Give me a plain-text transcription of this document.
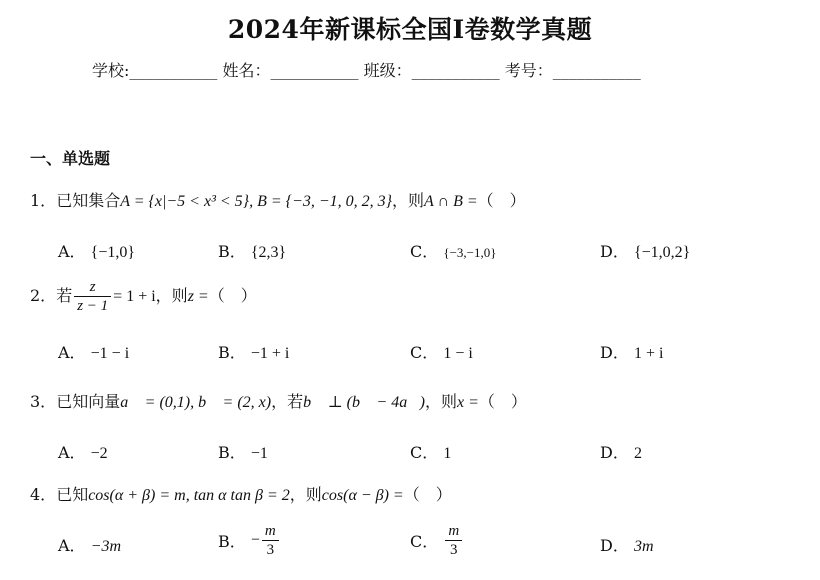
2024年新课标全国Ⅰ卷数学真题
学校:___________ 姓名：___________ 班级：___________ 考号：___________
一、单选题
1．已知集合A = {x|−5 < x³ < 5}, B = {−3, −1, 0, 2, 3}，则A ∩ B =（　）
A． {−1,0}	B． {2,3}	C． {−3,−1,0}	D． {−1,0,2}
2．若 $\frac{z}{z - 1} = 1 + i$，则z =（　）
A． −1 − i	B． −1 + i	C． 1 − i	D． 1 + i
3．已知向量a⃗ = (0,1), b⃗ = (2, x)，若b⃗ ⊥ (b⃗ − 4a⃗)，则x =（　）
A． −2	B． −1	C． 1	D． 2
4．已知cos(α + β) = m, tan α tan β = 2，则cos(α − β) =（　）
A． −3m	B． − $\frac{m}{3}$	C． $\frac{m}{3}$	D． 3m
